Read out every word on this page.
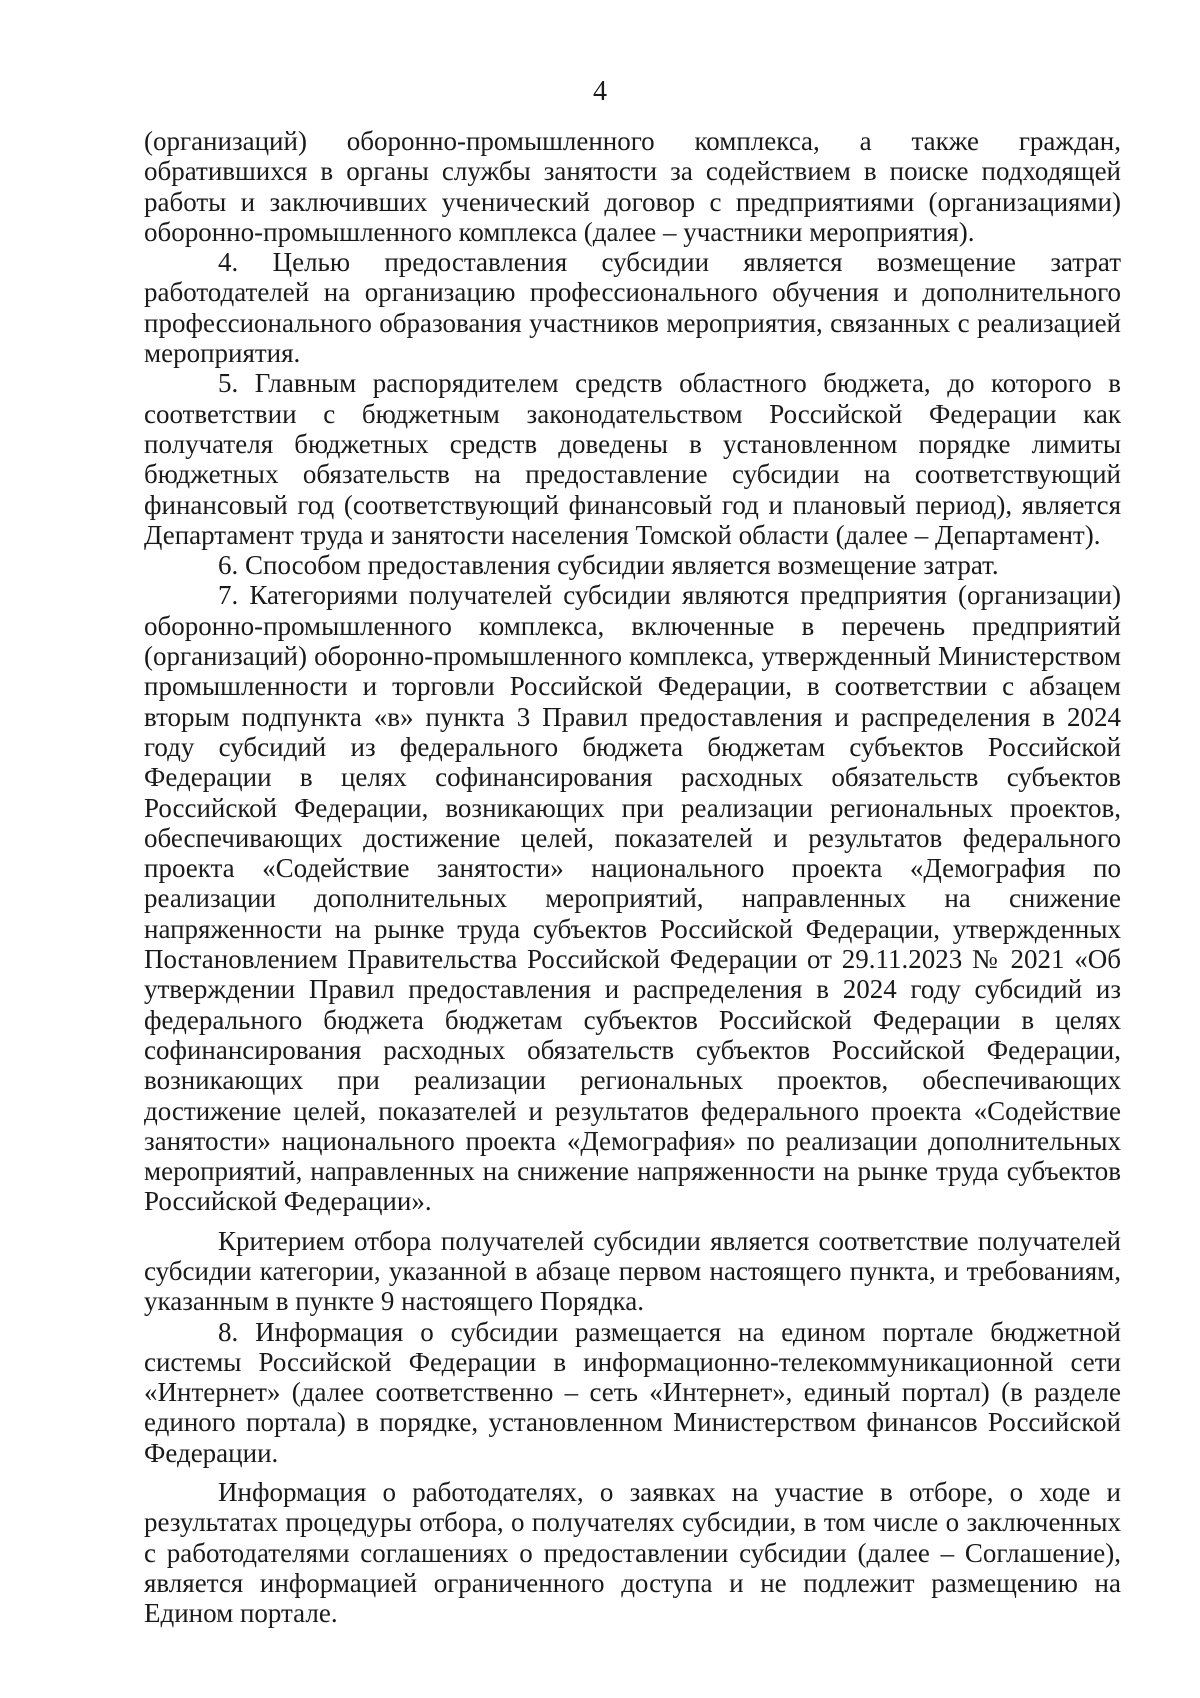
4

(организаций) оборонно-промышленного комплекса, а также граждан, обратившихся в органы службы занятости за содействием в поиске подходящей работы и заключивших ученический договор с предприятиями (организациями) оборонно-промышленного комплекса (далее – участники мероприятия).

4. Целью предоставления субсидии является возмещение затрат работодателей на организацию профессионального обучения и дополнительного профессионального образования участников мероприятия, связанных с реализацией мероприятия.

5. Главным распорядителем средств областного бюджета, до которого в соответствии с бюджетным законодательством Российской Федерации как получателя бюджетных средств доведены в установленном порядке лимиты бюджетных обязательств на предоставление субсидии на соответствующий финансовый год (соответствующий финансовый год и плановый период), является Департамент труда и занятости населения Томской области (далее – Департамент).

6. Способом предоставления субсидии является возмещение затрат.

7. Категориями получателей субсидии являются предприятия (организации) оборонно-промышленного комплекса, включенные в перечень предприятий (организаций) оборонно-промышленного комплекса, утвержденный Министерством промышленности и торговли Российской Федерации, в соответствии с абзацем вторым подпункта «в» пункта 3 Правил предоставления и распределения в 2024 году субсидий из федерального бюджета бюджетам субъектов Российской Федерации в целях софинансирования расходных обязательств субъектов Российской Федерации, возникающих при реализации региональных проектов, обеспечивающих достижение целей, показателей и результатов федерального проекта «Содействие занятости» национального проекта «Демография по реализации дополнительных мероприятий, направленных на снижение напряженности на рынке труда субъектов Российской Федерации, утвержденных Постановлением Правительства Российской Федерации от 29.11.2023 № 2021 «Об утверждении Правил предоставления и распределения в 2024 году субсидий из федерального бюджета бюджетам субъектов Российской Федерации в целях софинансирования расходных обязательств субъектов Российской Федерации, возникающих при реализации региональных проектов, обеспечивающих достижение целей, показателей и результатов федерального проекта «Содействие занятости» национального проекта «Демография» по реализации дополнительных мероприятий, направленных на снижение напряженности на рынке труда субъектов Российской Федерации».

Критерием отбора получателей субсидии является соответствие получателей субсидии категории, указанной в абзаце первом настоящего пункта, и требованиям, указанным в пункте 9 настоящего Порядка.

8. Информация о субсидии размещается на едином портале бюджетной системы Российской Федерации в информационно-телекоммуникационной сети «Интернет» (далее соответственно – сеть «Интернет», единый портал) (в разделе единого портала) в порядке, установленном Министерством финансов Российской Федерации.

Информация о работодателях, о заявках на участие в отборе, о ходе и результатах процедуры отбора, о получателях субсидии, в том числе о заключенных с работодателями соглашениях о предоставлении субсидии (далее – Соглашение), является информацией ограниченного доступа и не подлежит размещению на Едином портале.
